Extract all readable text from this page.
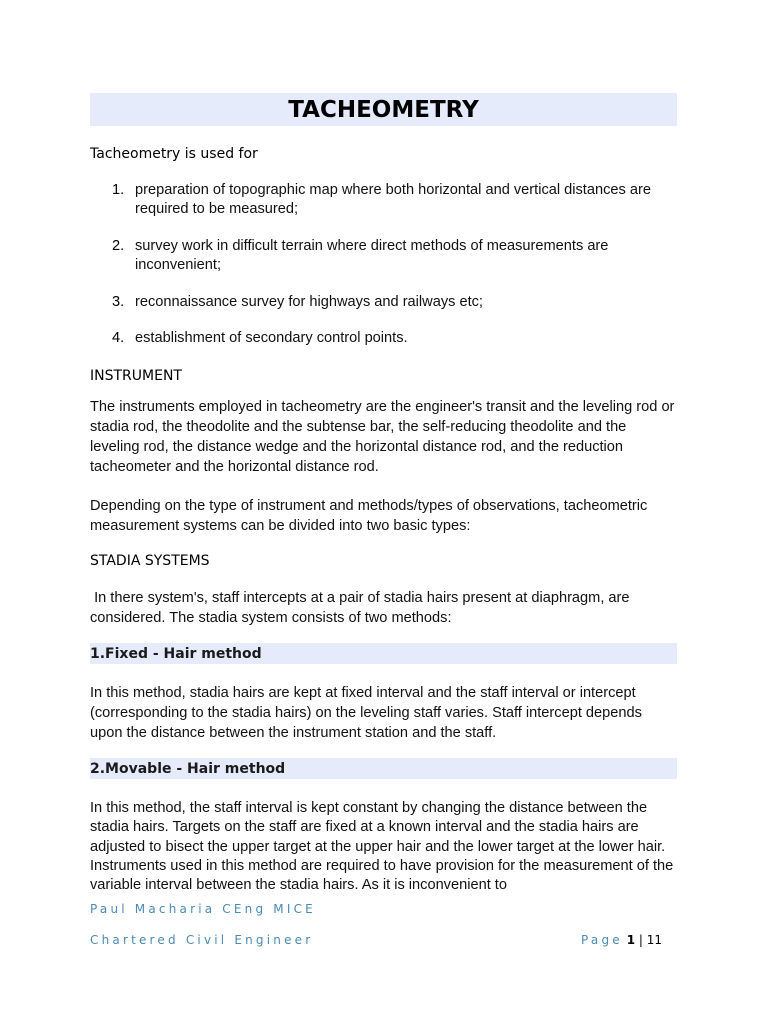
TACHEOMETRY
Tacheometry is used for
1. preparation of topographic map where both horizontal and vertical distances are required to be measured;
2. survey work in difficult terrain where direct methods of measurements are inconvenient;
3. reconnaissance survey for highways and railways etc;
4. establishment of secondary control points.
INSTRUMENT
The instruments employed in tacheometry are the engineer's transit and the leveling rod or stadia rod, the theodolite and the subtense bar, the self-reducing theodolite and the leveling rod, the distance wedge and the horizontal distance rod, and the reduction tacheometer and the horizontal distance rod.
Depending on the type of instrument and methods/types of observations, tacheometric measurement systems can be divided into two basic types:
STADIA SYSTEMS
In there system's, staff intercepts at a pair of stadia hairs present at diaphragm, are considered. The stadia system consists of two methods:
1.Fixed - Hair method
In this method, stadia hairs are kept at fixed interval and the staff interval or intercept (corresponding to the stadia hairs) on the leveling staff varies. Staff intercept depends upon the distance between the instrument station and the staff.
2.Movable - Hair method
In this method, the staff interval is kept constant by changing the distance between the stadia hairs. Targets on the staff are fixed at a known interval and the stadia hairs are adjusted to bisect the upper target at the upper hair and the lower target at the lower hair. Instruments used in this method are required to have provision for the measurement of the variable interval between the stadia hairs. As it is inconvenient to
Paul Macharia CEng MICE
Chartered Civil Engineer	Page 1 | 11
